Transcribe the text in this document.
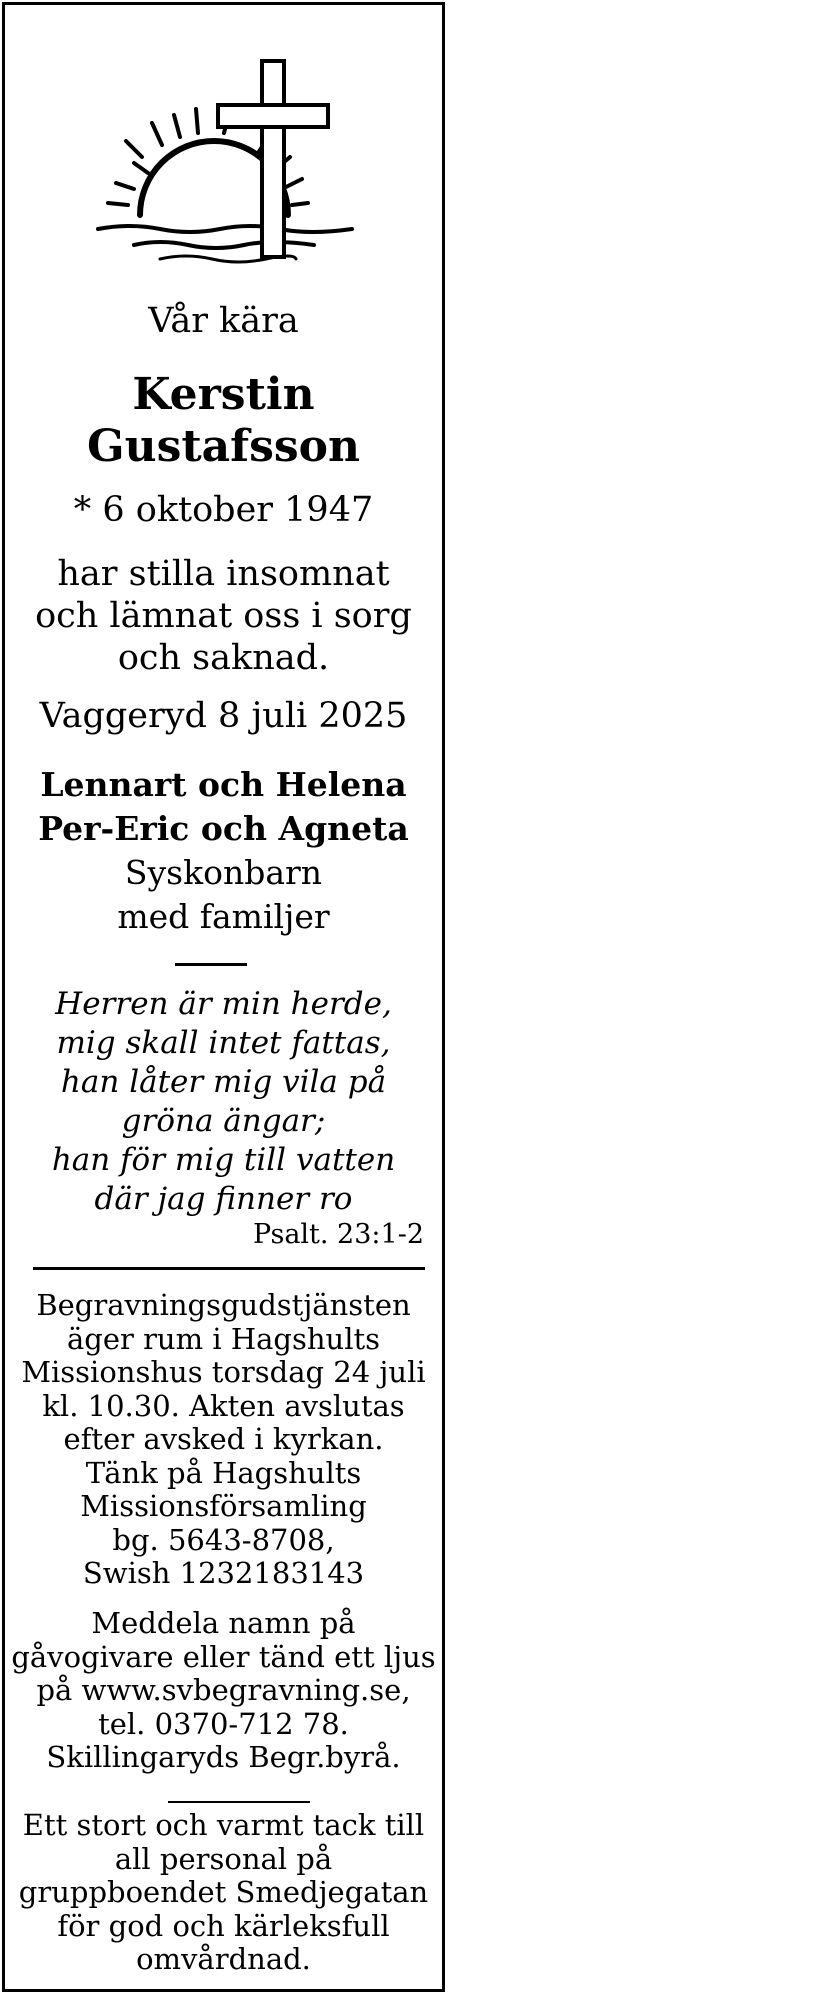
Vår kära

Kerstin
Gustafsson

* 6 oktober 1947

har stilla insomnat
och lämnat oss i sorg
och saknad.

Vaggeryd 8 juli 2025

Lennart och Helena
Per-Eric och Agneta
Syskonbarn
med familjer

Herren är min herde,
mig skall intet fattas,
han låter mig vila på
gröna ängar;
han för mig till vatten
där jag finner ro

Psalt. 23:1-2

Begravningsgudstjänsten
äger rum i Hagshults
Missionshus torsdag 24 juli
kl. 10.30. Akten avslutas
efter avsked i kyrkan.
Tänk på Hagshults
Missionsförsamling
bg. 5643-8708,
Swish 1232183143

Meddela namn på
gåvogivare eller tänd ett ljus
på www.svbegravning.se,
tel. 0370-712 78.
Skillingaryds Begr.byrå.

Ett stort och varmt tack till
all personal på
gruppboendet Smedjegatan
för god och kärleksfull
omvårdnad.
